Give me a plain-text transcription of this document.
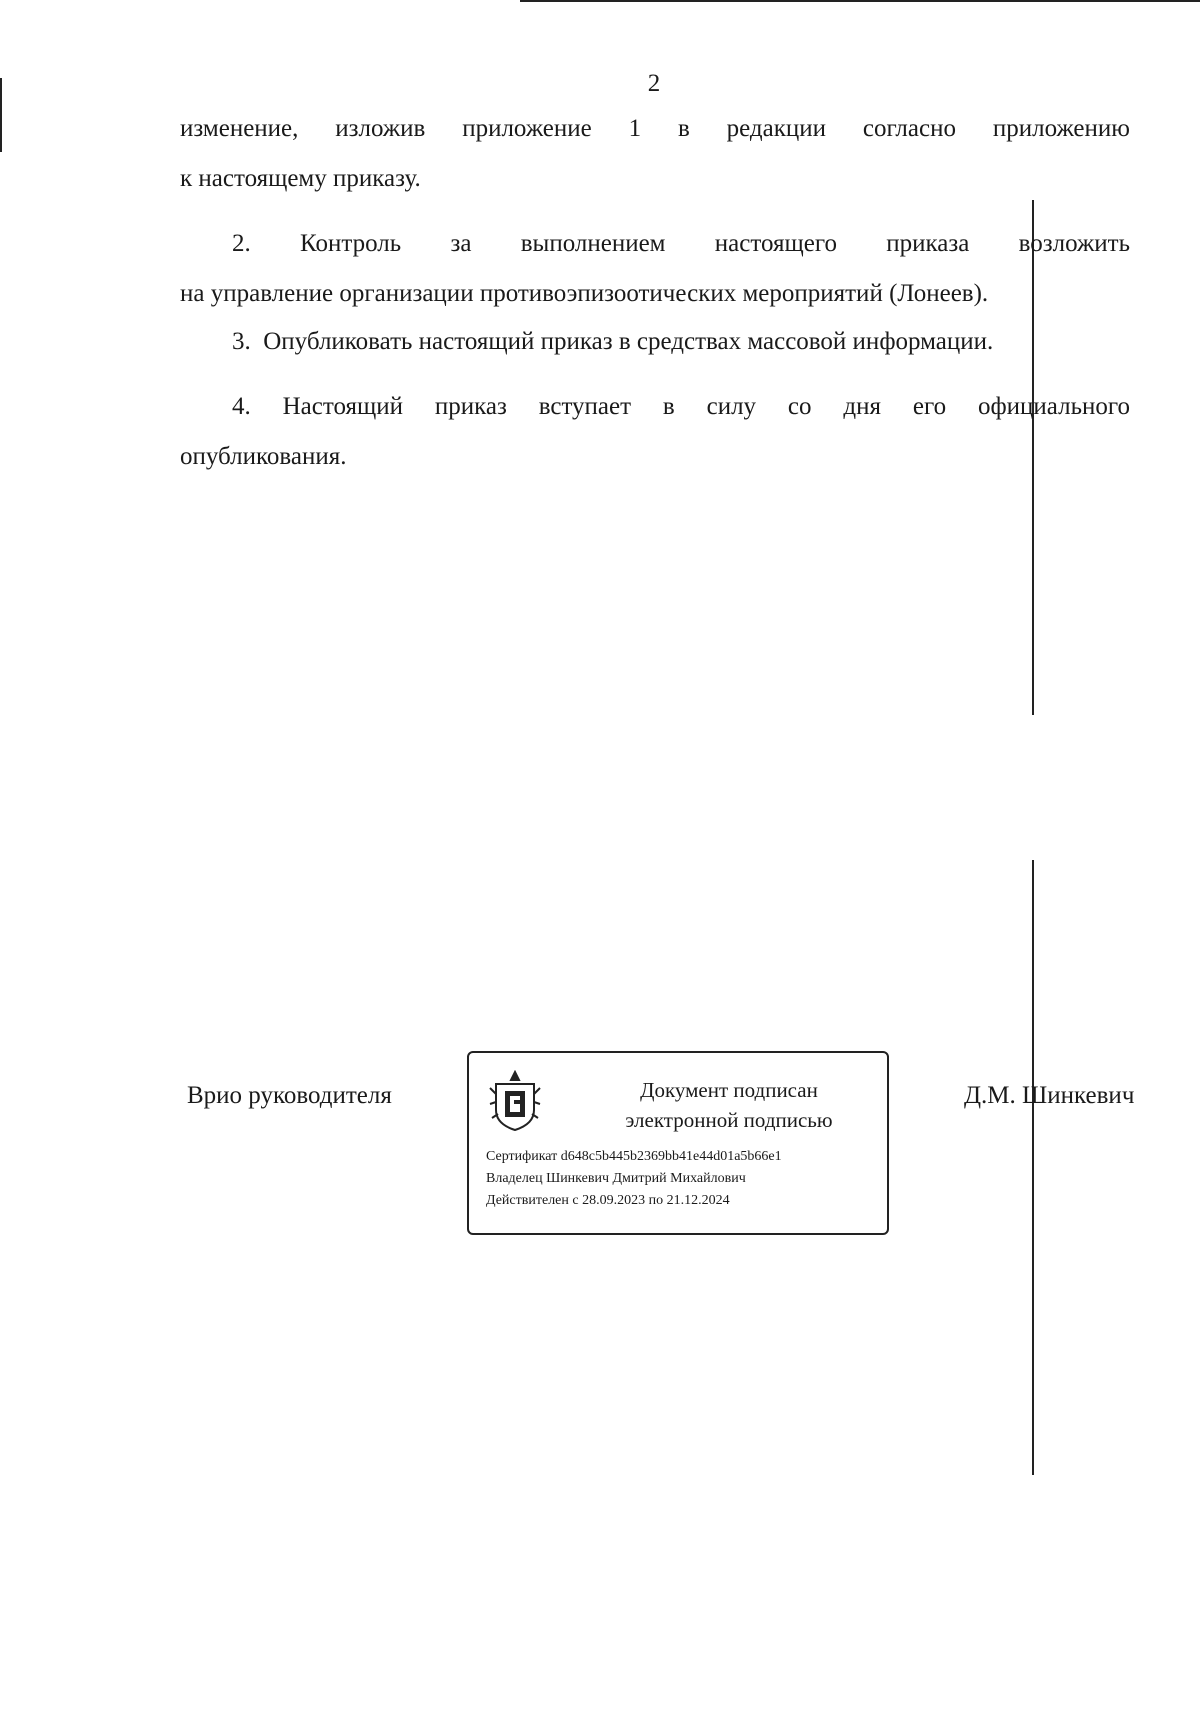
2
изменение, изложив приложение 1 в редакции согласно приложению
к настоящему приказу.
2. Контроль за выполнением настоящего приказа возложить
на управление организации противоэпизоотических мероприятий (Лонеев).
3.  Опубликовать настоящий приказ в средствах массовой информации.
4. Настоящий приказ вступает в силу со дня его официального
опубликования.
Врио руководителя	Документ подписан
электронной подписью
Сертификат d648c5b445b2369bb41e44d01a5b66e1
Владелец Шинкевич Дмитрий Михайлович
Действителен с 28.09.2023 по 21.12.2024
Д.М. Шинкевич
